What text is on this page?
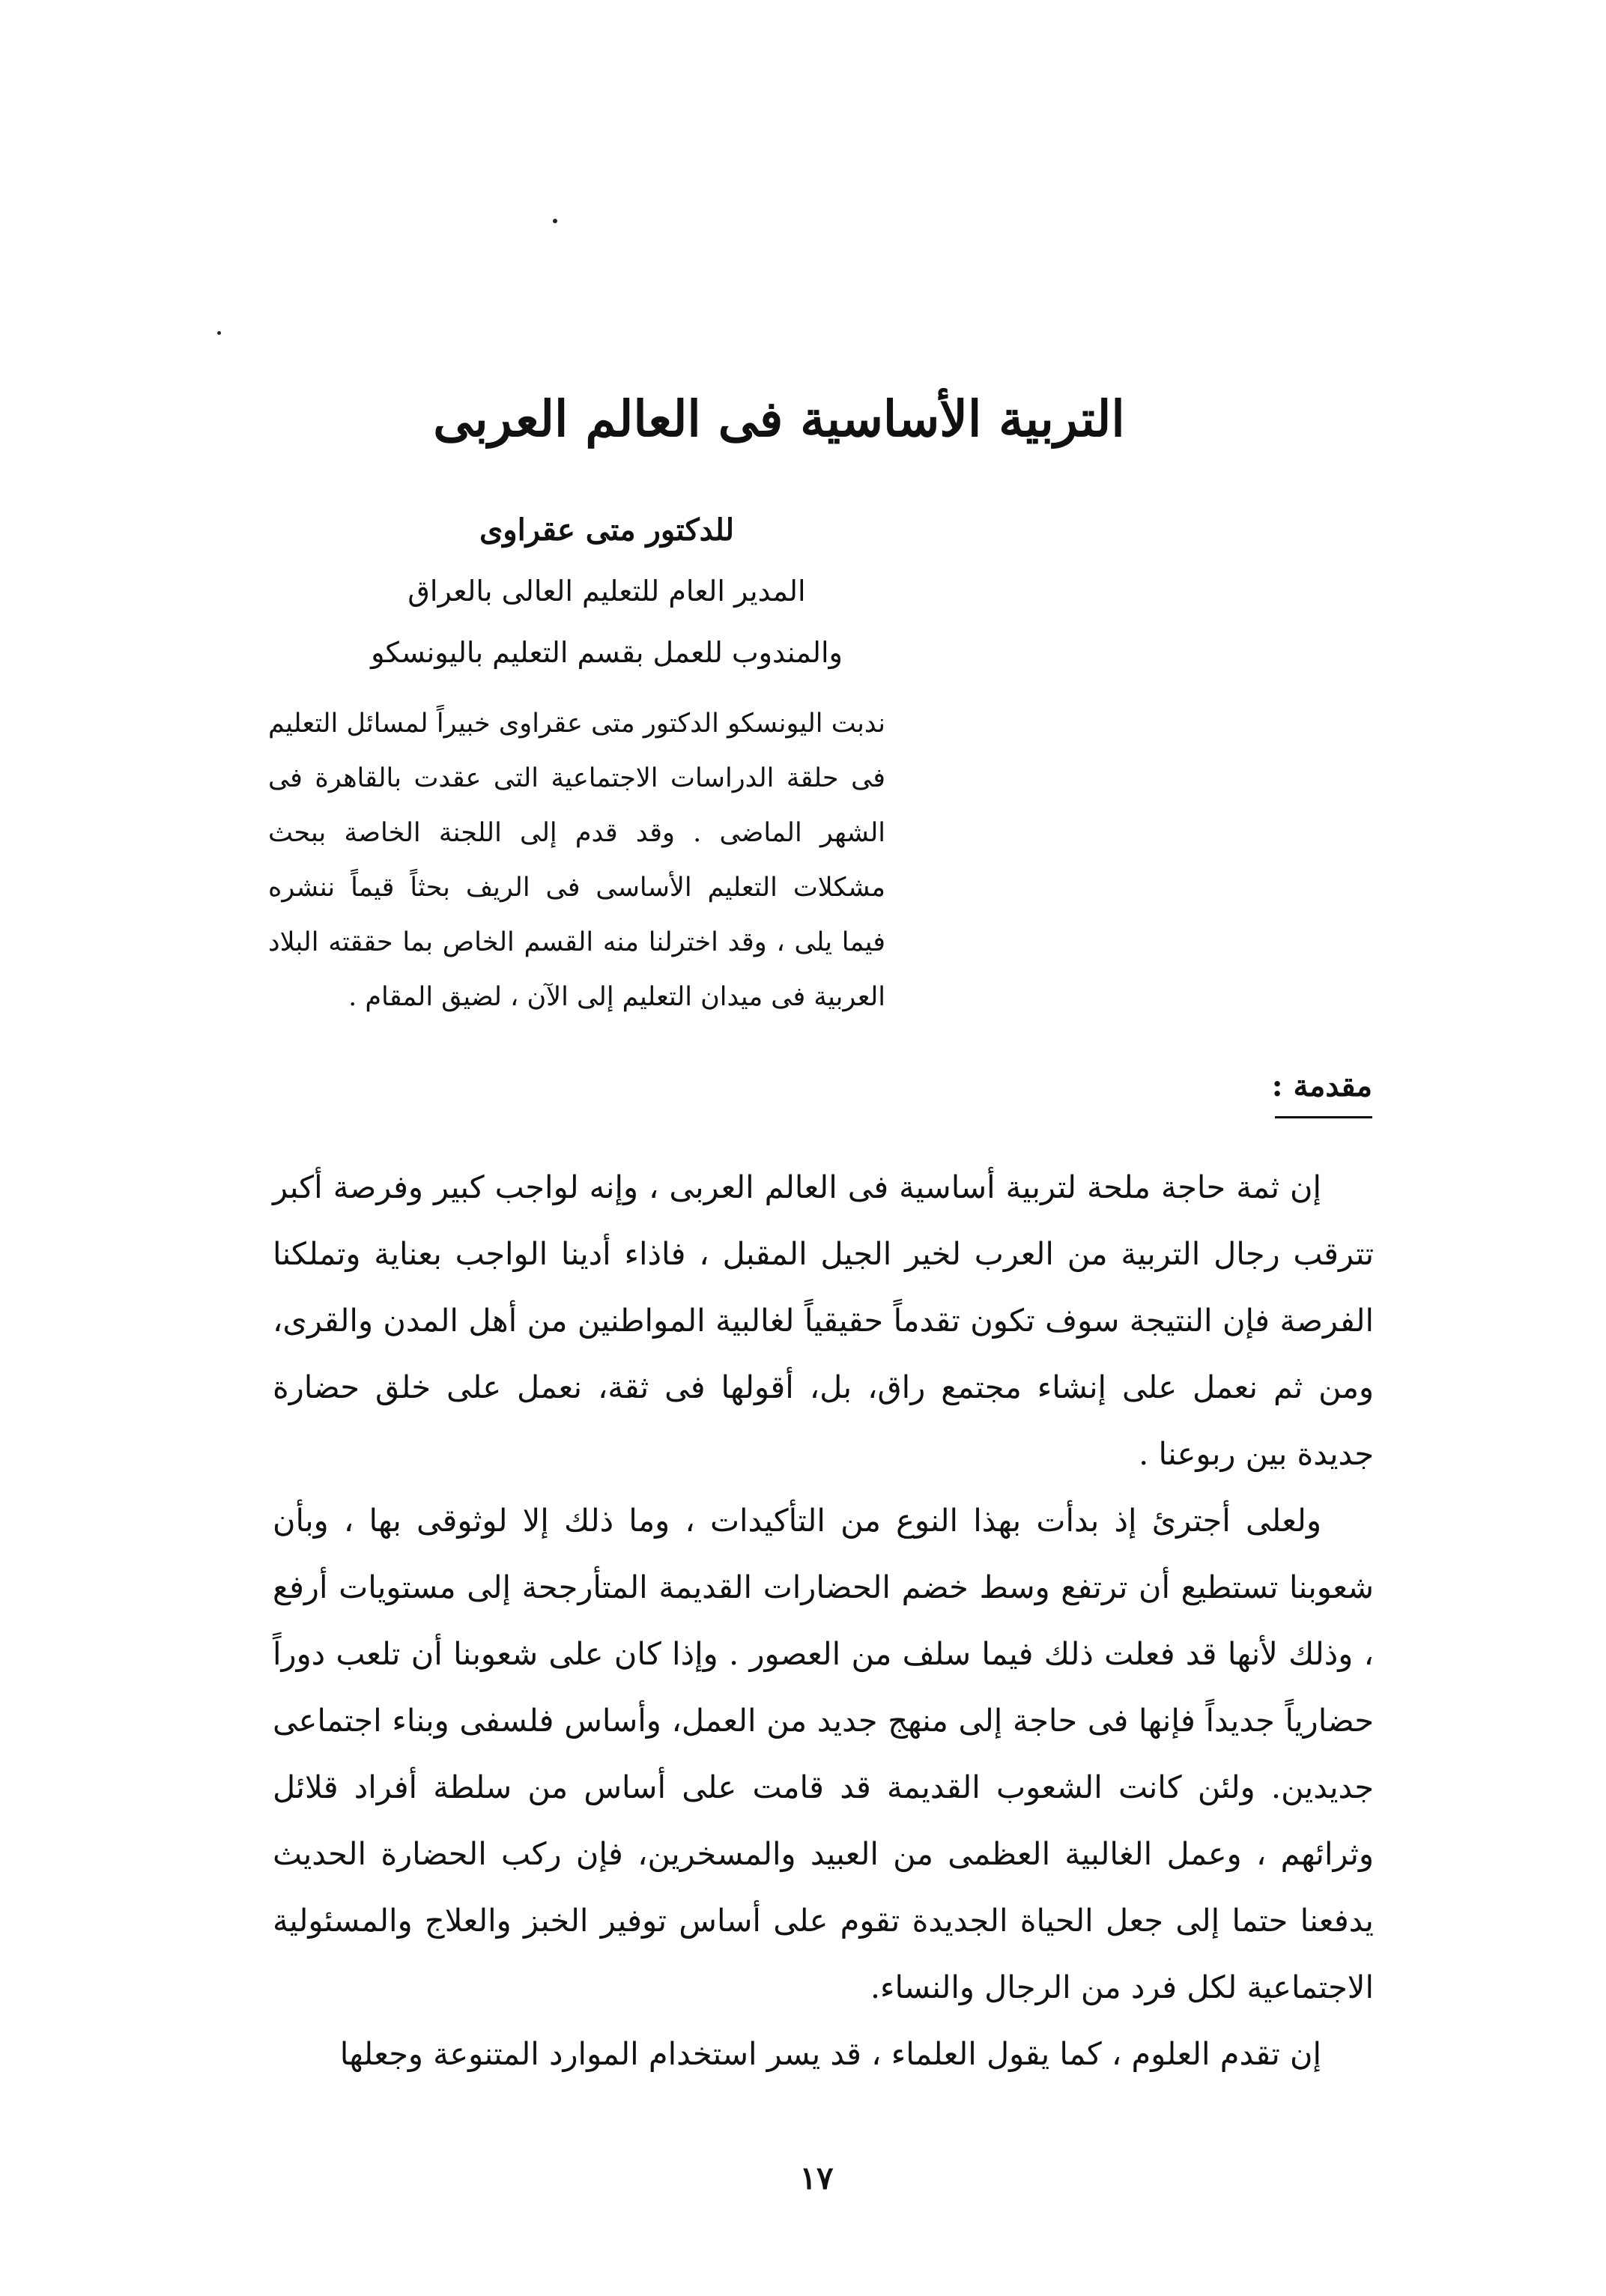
التربية الأساسية فى العالم العربى
للدكتور متى عقراوى
المدير العام للتعليم العالى بالعراق
والمندوب للعمل بقسم التعليم باليونسكو

ندبت اليونسكو الدكتور متى عقراوى خبيراً لمسائل التعليم فى حلقة الدراسات الاجتماعية التى عقدت بالقاهرة فى الشهر الماضى . وقد قدم إلى اللجنة الخاصة ببحث مشكلات التعليم الأساسى فى الريف بحثاً قيماً ننشره فيما يلى ، وقد اخترلنا منه القسم الخاص بما حققته البلاد العربية فى ميدان التعليم إلى الآن ، لضيق المقام .

مقدمة :

إن ثمة حاجة ملحة لتربية أساسية فى العالم العربى ، وإنه لواجب كبير وفرصة أكبر تترقب رجال التربية من العرب لخير الجيل المقبل ، فاذاء أدينا الواجب بعناية وتملكنا الفرصة فإن النتيجة سوف تكون تقدماً حقيقياً لغالبية المواطنين من أهل المدن والقرى، ومن ثم نعمل على إنشاء مجتمع راق، بل، أقولها فى ثقة، نعمل على خلق حضارة جديدة بين ربوعنا .

ولعلى أجترئ إذ بدأت بهذا النوع من التأكيدات ، وما ذلك إلا لوثوقى بها ، وبأن شعوبنا تستطيع أن ترتفع وسط خضم الحضارات القديمة المتأرجحة إلى مستويات أرفع ، وذلك لأنها قد فعلت ذلك فيما سلف من العصور . وإذا كان على شعوبنا أن تلعب دوراً حضارياً جديداً فإنها فى حاجة إلى منهج جديد من العمل، وأساس فلسفى وبناء اجتماعى جديدين. ولئن كانت الشعوب القديمة قد قامت على أساس من سلطة أفراد قلائل وثرائهم ، وعمل الغالبية العظمى من العبيد والمسخرين، فإن ركب الحضارة الحديث يدفعنا حتما إلى جعل الحياة الجديدة تقوم على أساس توفير الخبز والعلاج والمسئولية الاجتماعية لكل فرد من الرجال والنساء.

إن تقدم العلوم ، كما يقول العلماء ، قد يسر استخدام الموارد المتنوعة وجعلها

١٧
